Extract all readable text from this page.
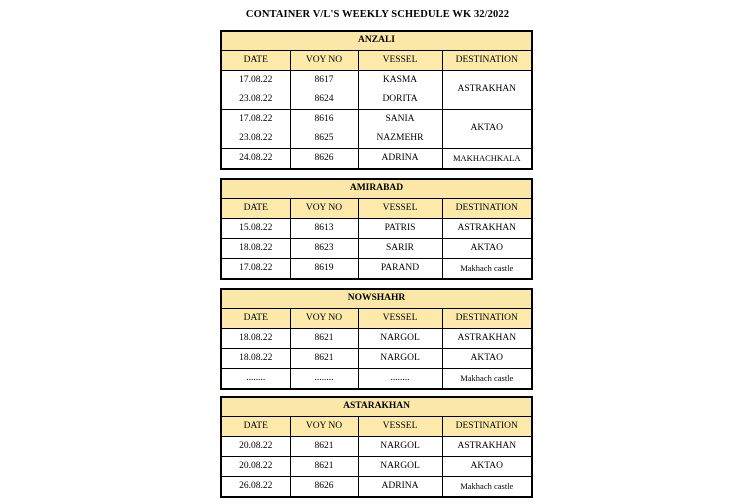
CONTAINER V/L'S WEEKLY SCHEDULE WK 32/2022
ANZALI			
DATE	VOY NO	VESSEL	DESTINATION
17.08.22	8617	KASMA	ASTRAKHAN
23.08.22	8624	DORITA	
17.08.22	8616	SANIA	AKTAO
23.08.22	8625	NAZMEHR	
24.08.22	8626	ADRINA	MAKHACHKALA
AMIRABAD			
DATE	VOY NO	VESSEL	DESTINATION
15.08.22	8613	PATRIS	ASTRAKHAN
18.08.22	8623	SARIR	AKTAO
17.08.22	8619	PARAND	Makhach castle
NOWSHAHR			
DATE	VOY NO	VESSEL	DESTINATION
18.08.22	8621	NARGOL	ASTRAKHAN
18.08.22	8621	NARGOL	AKTAO
........	........	........	Makhach castle
ASTARAKHAN			
DATE	VOY NO	VESSEL	DESTINATION
20.08.22	8621	NARGOL	ASTRAKHAN
20.08.22	8621	NARGOL	AKTAO
26.08.22	8626	ADRINA	Makhach castle
